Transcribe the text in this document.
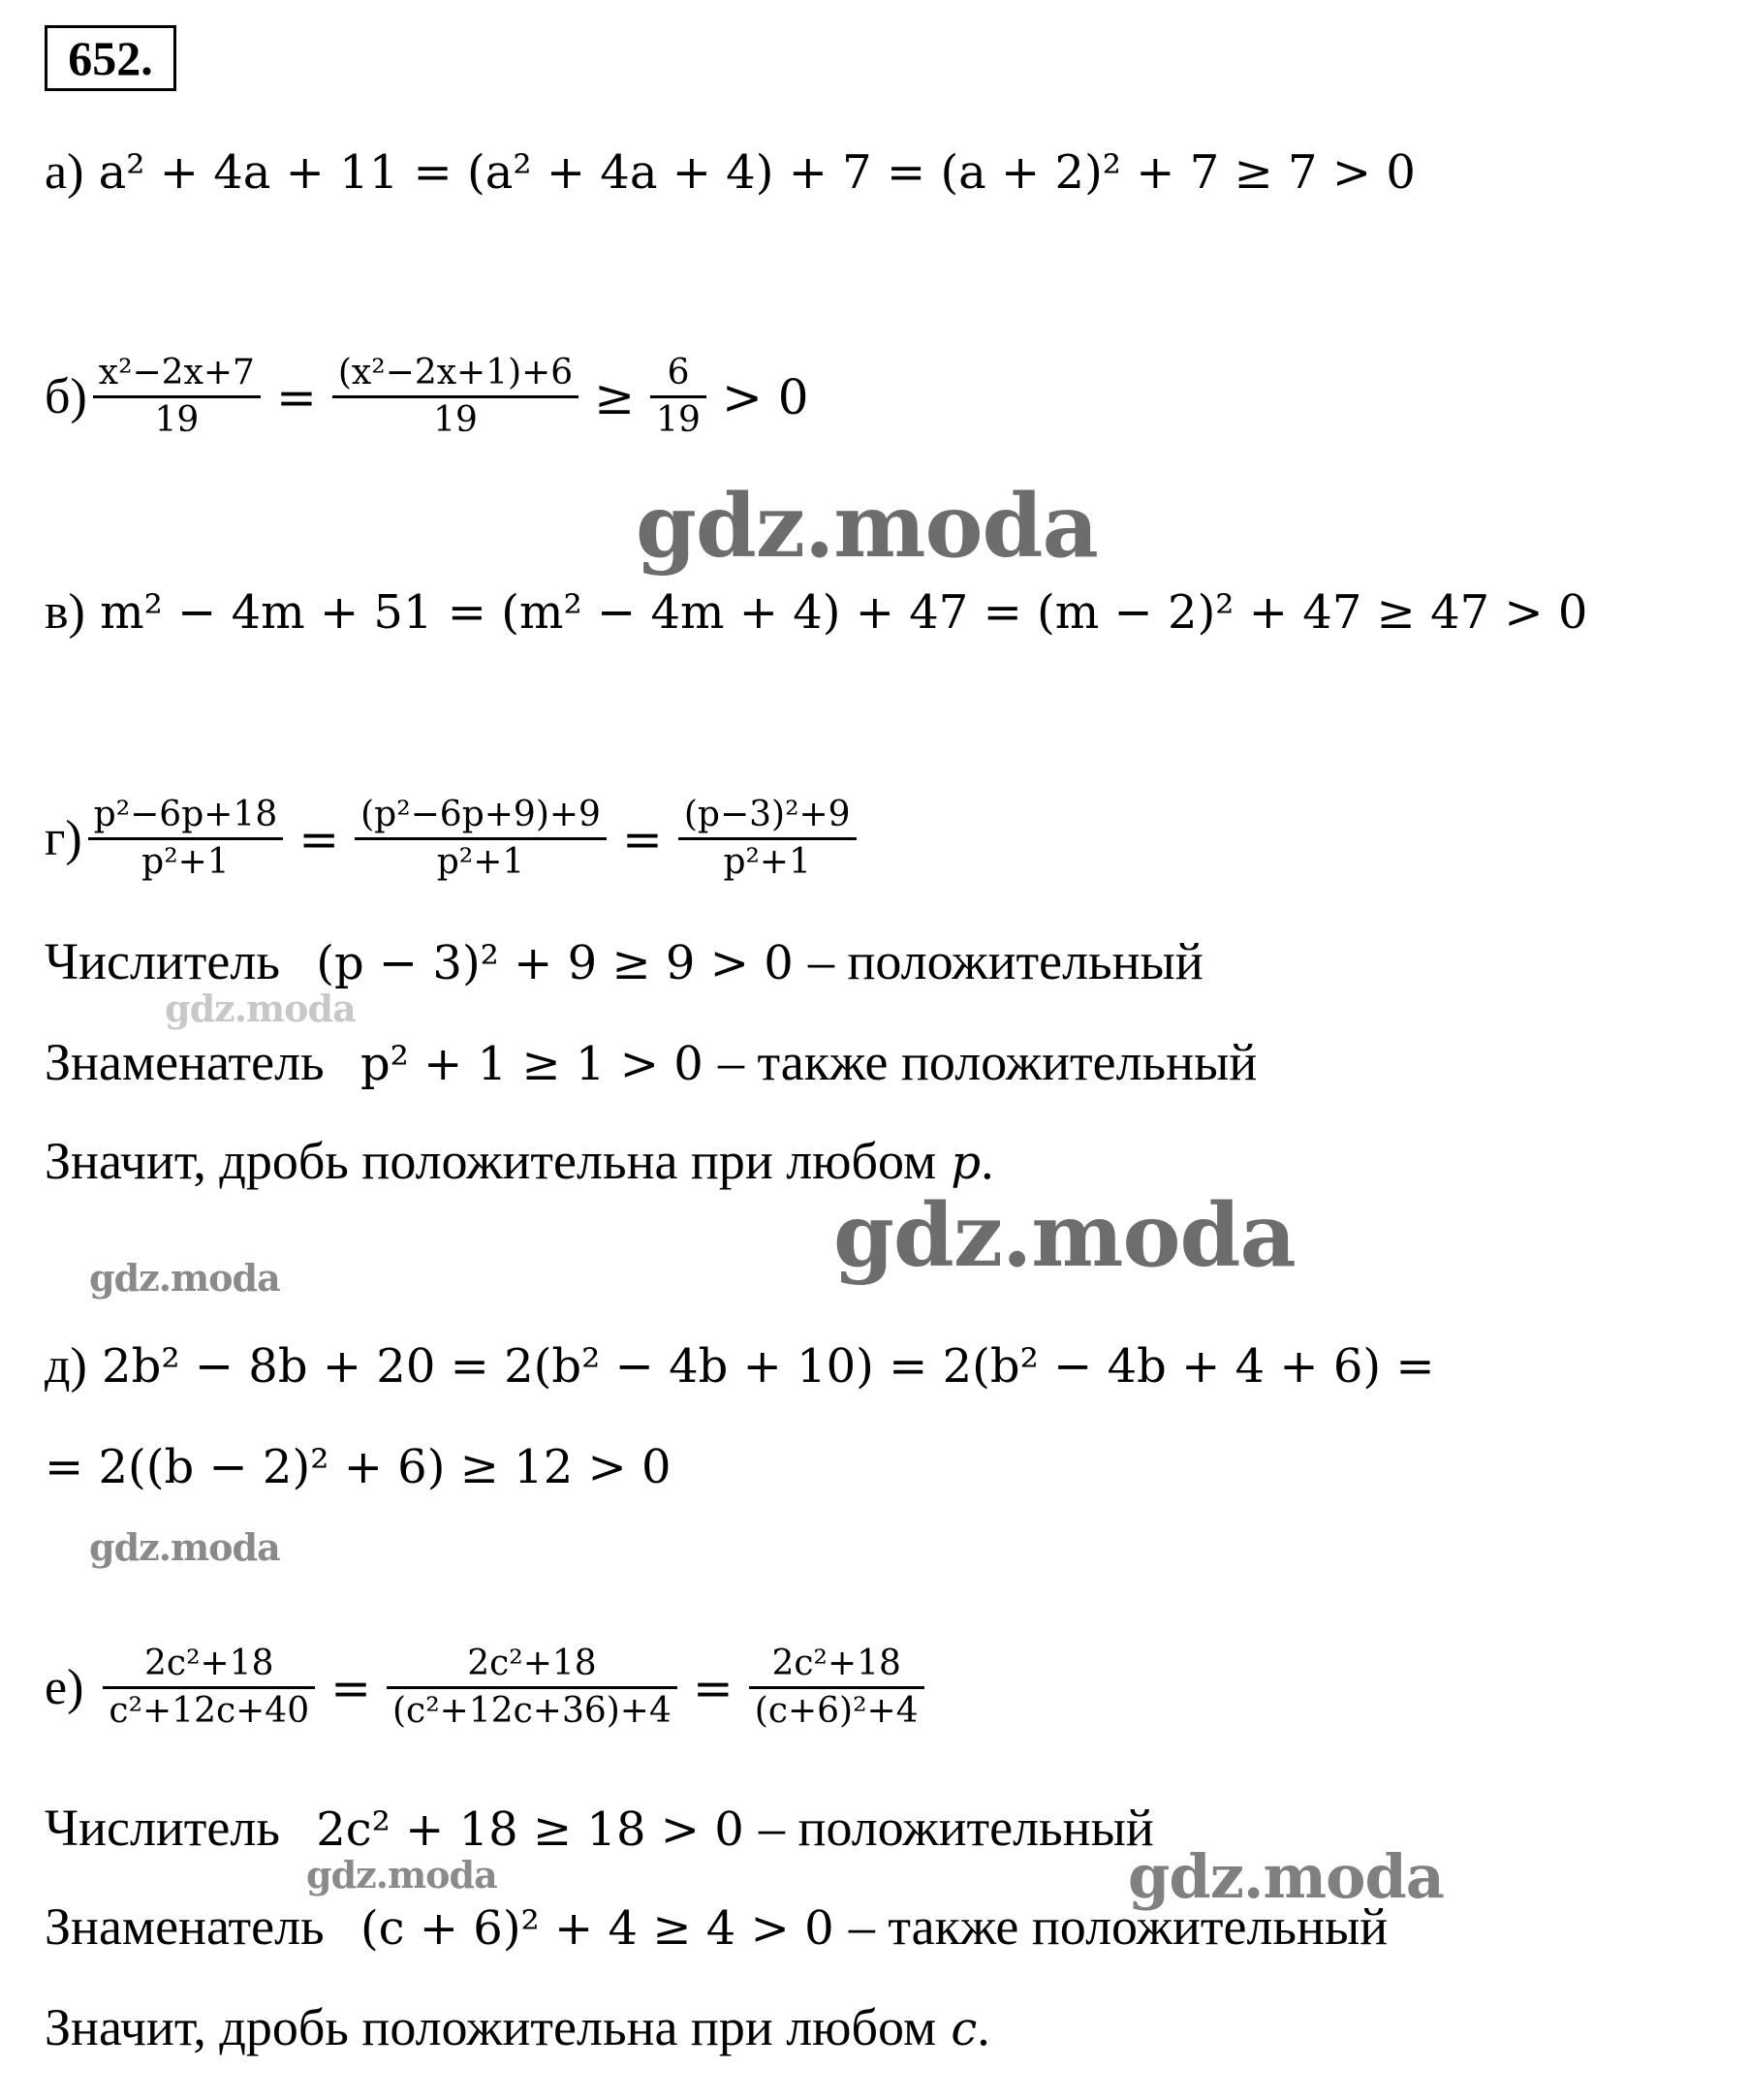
652.
а) a² + 4a + 11 = (a² + 4a + 4) + 7 = (a + 2)² + 7 ≥ 7 > 0
$б) \frac{\text{x²−2x+7}}{19} = \frac{\text{(x²−2x+1)+6}}{19} \ge \frac{6}{19} > 0$
в) m² − 4m + 51 = (m² − 4m + 4) + 47 = (m − 2)² + 47 ≥ 47 > 0
$г) \frac{\text{p²−6p+18}}{\text{p²+1}} = \frac{\text{(p²−6p+9)+9}}{\text{p²+1}} = \frac{\text{(p−3)²+9}}{\text{p²+1}}$
Числитель (p − 3)² + 9 ≥ 9 > 0 – положительный
Знаменатель p² + 1 ≥ 1 > 0 – также положительный
Значит, дробь положительна при любом p.
д) 2b² − 8b + 20 = 2(b² − 4b + 10) = 2(b² − 4b + 4 + 6) =
= 2((b − 2)² + 6) ≥ 12 > 0
$е) \frac{\text{2c²+18}}{\text{c²+12c+40}} = \frac{\text{2c²+18}}{\text{(c²+12c+36)+4}} = \frac{\text{2c²+18}}{\text{(c+6)²+4}}$
Числитель 2c² + 18 ≥ 18 > 0 – положительный
Знаменатель (c + 6)² + 4 ≥ 4 > 0 – также положительный
Значит, дробь положительна при любом c.
gdz.moda
gdz.moda
gdz.moda
gdz.moda
gdz.moda	gdz.moda
gdz.moda
